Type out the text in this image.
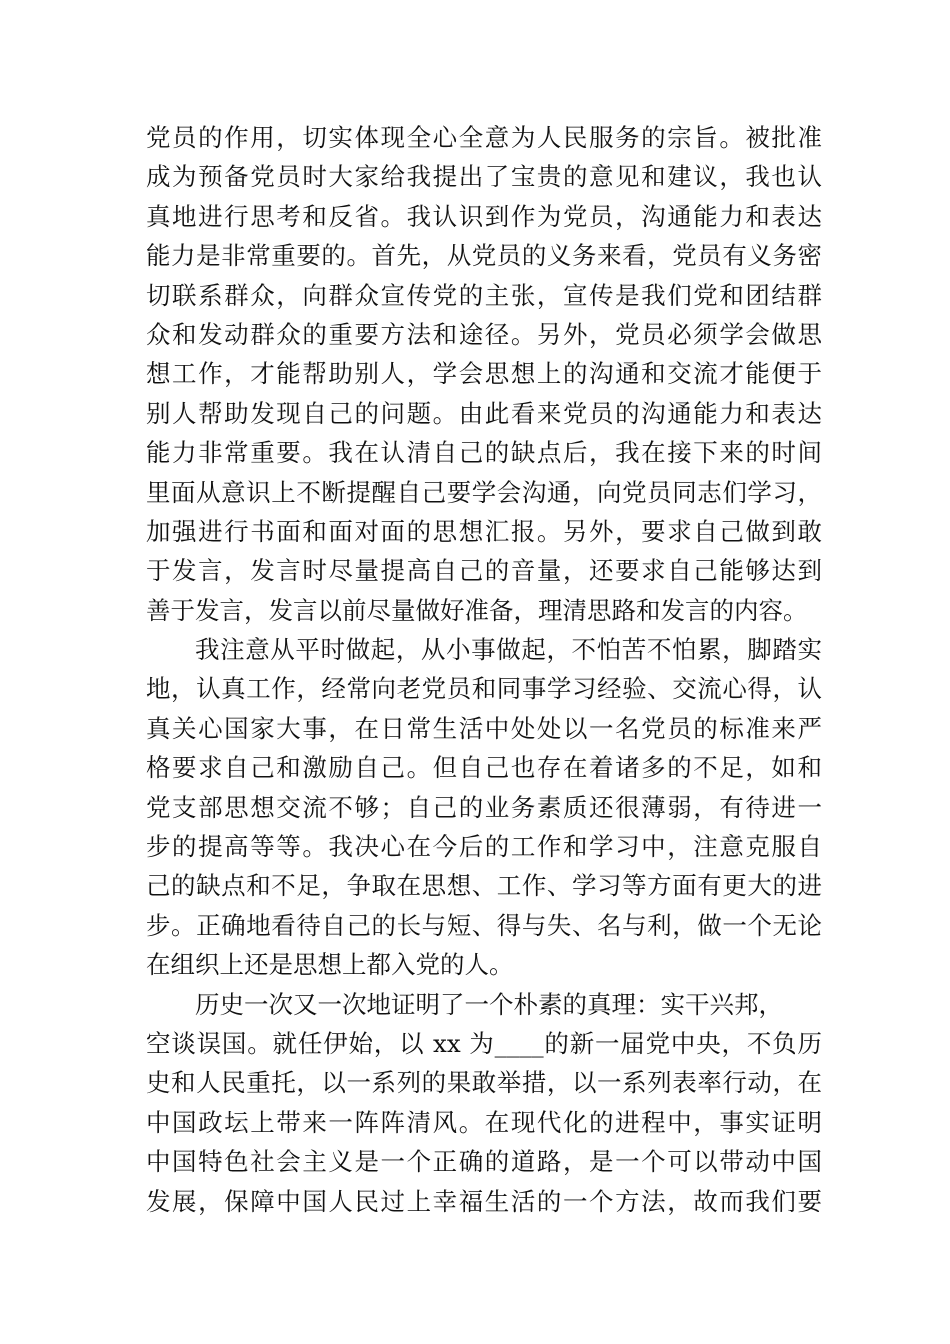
党员的作用，切实体现全心全意为人民服务的宗旨。被批准
成为预备党员时大家给我提出了宝贵的意见和建议，我也认
真地进行思考和反省。我认识到作为党员，沟通能力和表达
能力是非常重要的。首先，从党员的义务来看，党员有义务密
切联系群众，向群众宣传党的主张，宣传是我们党和团结群
众和发动群众的重要方法和途径。另外，党员必须学会做思
想工作，才能帮助别人，学会思想上的沟通和交流才能便于
别人帮助发现自己的问题。由此看来党员的沟通能力和表达
能力非常重要。我在认清自己的缺点后，我在接下来的时间
里面从意识上不断提醒自己要学会沟通，向党员同志们学习，
加强进行书面和面对面的思想汇报。另外，要求自己做到敢
于发言，发言时尽量提高自己的音量，还要求自己能够达到
善于发言，发言以前尽量做好准备，理清思路和发言的内容。
我注意从平时做起，从小事做起，不怕苦不怕累，脚踏实
地，认真工作，经常向老党员和同事学习经验、交流心得，认
真关心国家大事，在日常生活中处处以一名党员的标准来严
格要求自己和激励自己。但自己也存在着诸多的不足，如和
党支部思想交流不够；自己的业务素质还很薄弱，有待进一
步的提高等等。我决心在今后的工作和学习中，注意克服自
己的缺点和不足，争取在思想、工作、学习等方面有更大的进
步。正确地看待自己的长与短、得与失、名与利，做一个无论
在组织上还是思想上都入党的人。
历史一次又一次地证明了一个朴素的真理：实干兴邦，
空谈误国。就任伊始，以 xx 为____的新一届党中央，不负历
史和人民重托，以一系列的果敢举措，以一系列表率行动，在
中国政坛上带来一阵阵清风。在现代化的进程中，事实证明
中国特色社会主义是一个正确的道路，是一个可以带动中国
发展，保障中国人民过上幸福生活的一个方法，故而我们要
